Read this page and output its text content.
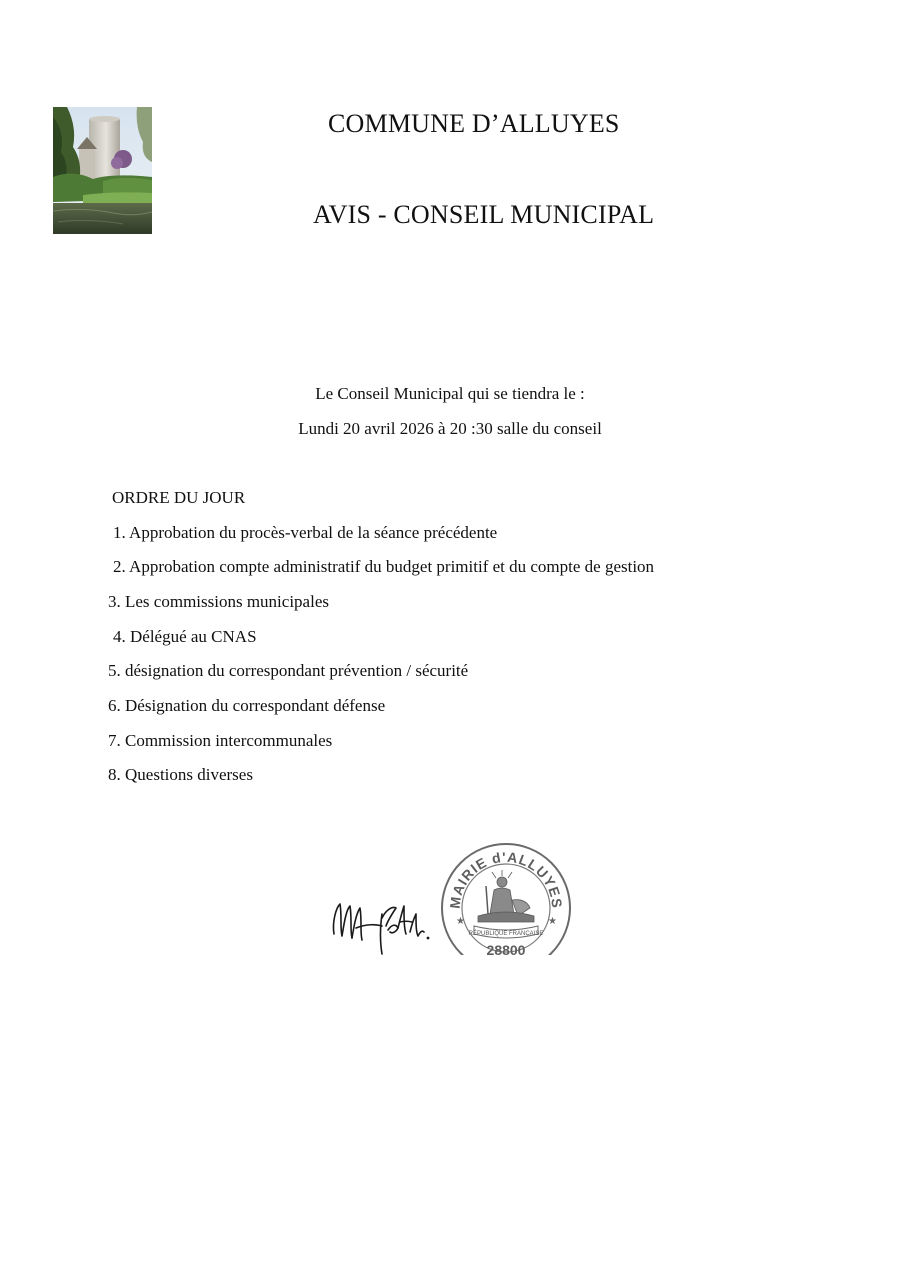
COMMUNE D’ALLUYES
AVIS - CONSEIL MUNICIPAL
Le Conseil Municipal qui se tiendra le :
Lundi 20 avril 2026 à 20 :30 salle du conseil
ORDRE DU JOUR
1. Approbation du procès-verbal de la séance précédente
2. Approbation compte administratif du budget primitif et du compte de gestion
3. Les commissions municipales
4. Délégué au CNAS
5. désignation du correspondant prévention / sécurité
6. Désignation du correspondant défense
7. Commission intercommunales
8. Questions diverses
MAIRIE d'ALLUYES
★	★
RÉPUBLIQUE FRANÇAISE
28800
